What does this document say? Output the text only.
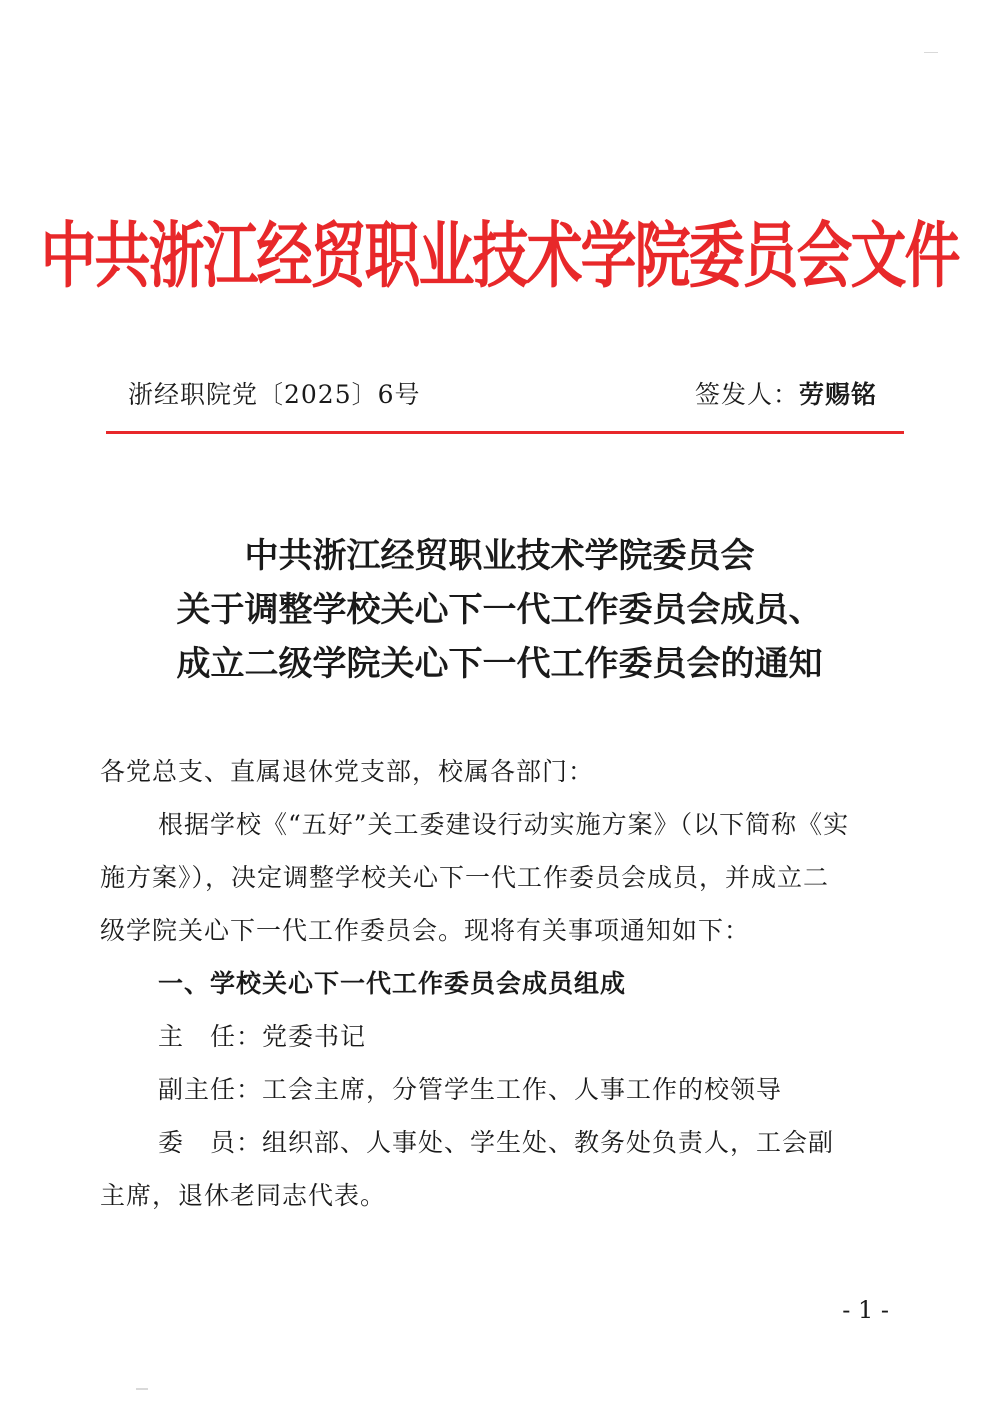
中共浙江经贸职业技术学院委员会文件
浙经职院党〔2025〕6号	签发人：劳赐铭
中共浙江经贸职业技术学院委员会
关于调整学校关心下一代工作委员会成员、
成立二级学院关心下一代工作委员会的通知
各党总支、直属退休党支部，校属各部门：
根据学校《“五好”关工委建设行动实施方案》（以下简称《实
施方案》），决定调整学校关心下一代工作委员会成员，并成立二
级学院关心下一代工作委员会。现将有关事项通知如下：
一、学校关心下一代工作委员会成员组成
主　任：党委书记
副主任：工会主席，分管学生工作、人事工作的校领导
委　员：组织部、人事处、学生处、教务处负责人，工会副
主席，退休老同志代表。
- 1 -
